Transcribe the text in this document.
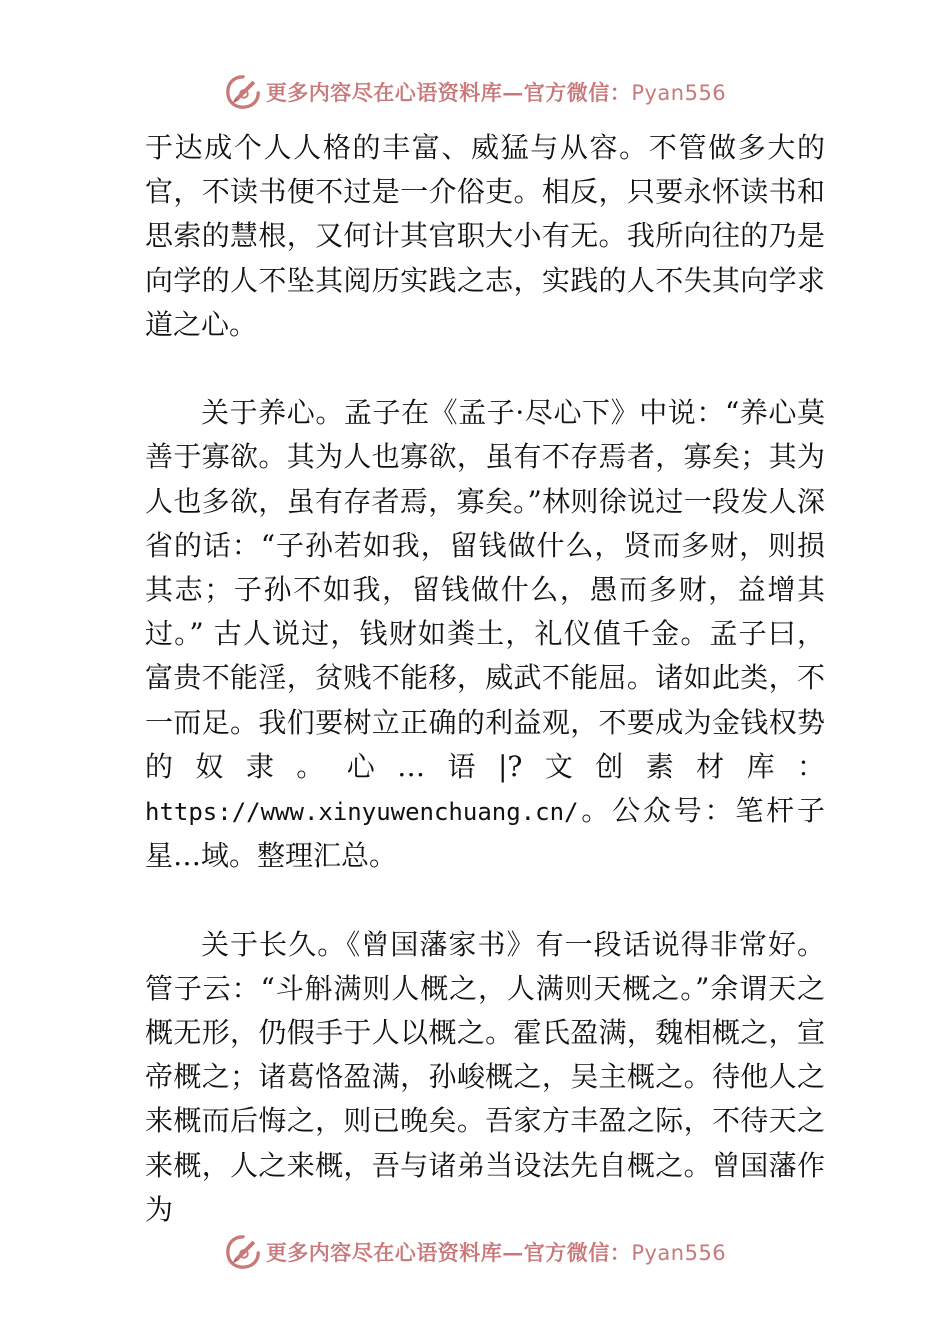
更多内容尽在心语资料库—官方微信：Pyan556

于达成个人人格的丰富、威猛与从容。不管做多大的官，不读书便不过是一介俗吏。相反，只要永怀读书和思索的慧根，又何计其官职大小有无。我所向往的乃是向学的人不坠其阅历实践之志，实践的人不失其向学求道之心。

关于养心。孟子在《孟子·尽心下》中说：“养心莫善于寡欲。其为人也寡欲，虽有不存焉者，寡矣；其为人也多欲，虽有存者焉，寡矣。”林则徐说过一段发人深省的话：“子孙若如我，留钱做什么，贤而多财，则损其志；子孙不如我，留钱做什么，愚而多财，益增其过。” 古人说过，钱财如粪土，礼仪值千金。孟子曰，富贵不能淫，贫贱不能移，威武不能屈。诸如此类，不一而足。我们要树立正确的利益观，不要成为金钱权势的奴隶。心…语|?文创素材库：https://www.xinyuwenchuang.cn/。公众号：笔杆子星…域。整理汇总。

关于长久。《曾国藩家书》有一段话说得非常好。管子云：“斗斛满则人概之，人满则天概之。”余谓天之概无形，仍假手于人以概之。霍氏盈满，魏相概之，宣帝概之；诸葛恪盈满，孙峻概之，吴主概之。待他人之来概而后悔之，则已晚矣。吾家方丰盈之际，不待天之来概，人之来概，吾与诸弟当设法先自概之。曾国藩作为

更多内容尽在心语资料库—官方微信：Pyan556
